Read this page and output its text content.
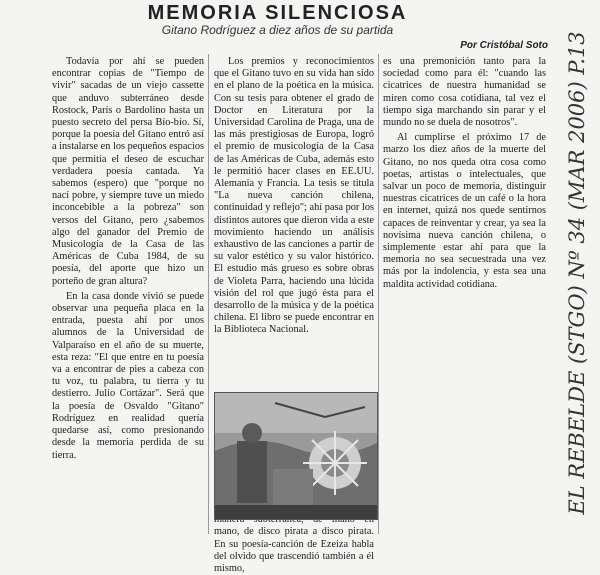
MEMORIA SILENCIOSA
Gitano Rodríguez a diez años de su partida
Por Cristóbal Soto

Todavía por ahí se pueden encontrar copias de "Tiempo de vivir" sacadas de un viejo cassette que anduvo subterráneo desde Rostock, París o Bardolino hasta un puesto secreto del persa Bío-bío. Sí, porque la poesía del Gitano entró así a instalarse en los pequeños espacios que permitía el deseo de escuchar verdadera poesía cantada. Ya sabemos (espero) que "porque no nací pobre, y siempre tuve un miedo inconcebible a la pobreza" son versos del Gitano, pero ¿sabemos algo del ganador del Premio de Musicología de la Casa de las Américas de Cuba 1984, de su poesía, del aporte que hizo un porteño de gran altura?

En la casa donde vivió se puede observar una pequeña placa en la entrada, puesta ahí por unos alumnos de la Universidad de Valparaíso en el año de su muerte, esta reza: "El que entre en tu poesía va a encontrar de pies a cabeza con tu voz, tu palabra, tu tierra y tu destierro. Julio Cortázar". Será que la poesía de Osvaldo "Gitano" Rodríguez en realidad quería quedarse así, como presionando desde la memoria perdida de su tierra.

Los premios y reconocimientos que el Gitano tuvo en su vida han sido en el plano de la poética en la música. Con su tesis para obtener el grado de Doctor en Literatura por la Universidad Carolina de Praga, una de las más prestigiosas de Europa, logró el premio de musicología de la Casa de las Américas de Cuba, además esto le permitió hacer clases en EE.UU. Alemania y Francia. La tesis se titula "La nueva canción chilena, continuidad y reflejo"; ahí pasa por los distintos autores que dieron vida a este movimiento haciendo un análisis exhaustivo de las canciones a partir de su valor estético y su valor histórico. El estudio más grueso es sobre obras de Violeta Parra, haciendo una lúcida visión del rol que jugó ésta para el desarrollo de la música y de la poética chilena. El libro se puede encontrar en la Biblioteca Nacional.

mano, de disco pirata a disco pirata. En su poesía-canción de Ezeiza habla del olvido que trascendió también a él mismo,

es una premonición tanto para la sociedad como para él: "cuando las cicatrices de nuestra humanidad se miren como cosa cotidiana, tal vez el tiempo siga marchando sin parar y el mundo no se duela de nosotros".

Al cumplirse el próximo 17 de marzo los diez años de la muerte del Gitano, no nos queda otra cosa como poetas, artistas o intelectuales, que salvar un poco de memoria, distinguir nuestras cicatrices de un café o la hora en internet, quizá nos quede sentirnos capaces de reinventar y crear, ya sea la novísima nueva canción chilena, o simplemente estar ahí para que la memoria no sea secuestrada una vez más por la indolencia, y esta sea una maldita actividad cotidiana.	EL REBELDE (STGO) Nº 34 (MAR 2006) P.13
